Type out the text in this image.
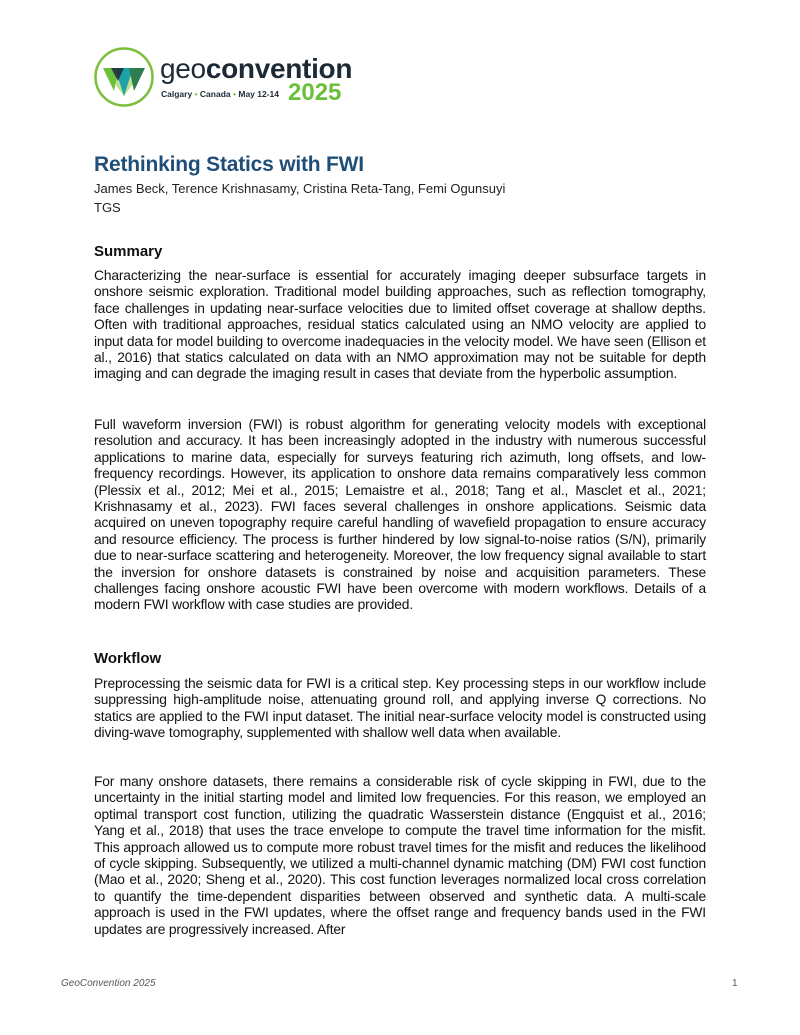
geoconvention
Calgary • Canada • May 12-14 2025
Rethinking Statics with FWI
James Beck, Terence Krishnasamy, Cristina Reta-Tang, Femi Ogunsuyi
TGS
Summary
Characterizing the near-surface is essential for accurately imaging deeper subsurface targets in onshore seismic exploration. Traditional model building approaches, such as reflection tomography, face challenges in updating near-surface velocities due to limited offset coverage at shallow depths. Often with traditional approaches, residual statics calculated using an NMO velocity are applied to input data for model building to overcome inadequacies in the velocity model. We have seen (Ellison et al., 2016) that statics calculated on data with an NMO approximation may not be suitable for depth imaging and can degrade the imaging result in cases that deviate from the hyperbolic assumption.
Full waveform inversion (FWI) is robust algorithm for generating velocity models with exceptional resolution and accuracy. It has been increasingly adopted in the industry with numerous successful applications to marine data, especially for surveys featuring rich azimuth, long offsets, and low-frequency recordings. However, its application to onshore data remains comparatively less common (Plessix et al., 2012; Mei et al., 2015; Lemaistre et al., 2018; Tang et al., Masclet et al., 2021; Krishnasamy et al., 2023). FWI faces several challenges in onshore applications. Seismic data acquired on uneven topography require careful handling of wavefield propagation to ensure accuracy and resource efficiency. The process is further hindered by low signal-to-noise ratios (S/N), primarily due to near-surface scattering and heterogeneity. Moreover, the low frequency signal available to start the inversion for onshore datasets is constrained by noise and acquisition parameters. These challenges facing onshore acoustic FWI have been overcome with modern workflows. Details of a modern FWI workflow with case studies are provided.
Workflow
Preprocessing the seismic data for FWI is a critical step. Key processing steps in our workflow include suppressing high-amplitude noise, attenuating ground roll, and applying inverse Q corrections. No statics are applied to the FWI input dataset. The initial near-surface velocity model is constructed using diving-wave tomography, supplemented with shallow well data when available.
For many onshore datasets, there remains a considerable risk of cycle skipping in FWI, due to the uncertainty in the initial starting model and limited low frequencies. For this reason, we employed an optimal transport cost function, utilizing the quadratic Wasserstein distance (Engquist et al., 2016; Yang et al., 2018) that uses the trace envelope to compute the travel time information for the misfit. This approach allowed us to compute more robust travel times for the misfit and reduces the likelihood of cycle skipping. Subsequently, we utilized a multi-channel dynamic matching (DM) FWI cost function (Mao et al., 2020; Sheng et al., 2020). This cost function leverages normalized local cross correlation to quantify the time-dependent disparities between observed and synthetic data. A multi-scale approach is used in the FWI updates, where the offset range and frequency bands used in the FWI updates are progressively increased. After
GeoConvention 2025	1
